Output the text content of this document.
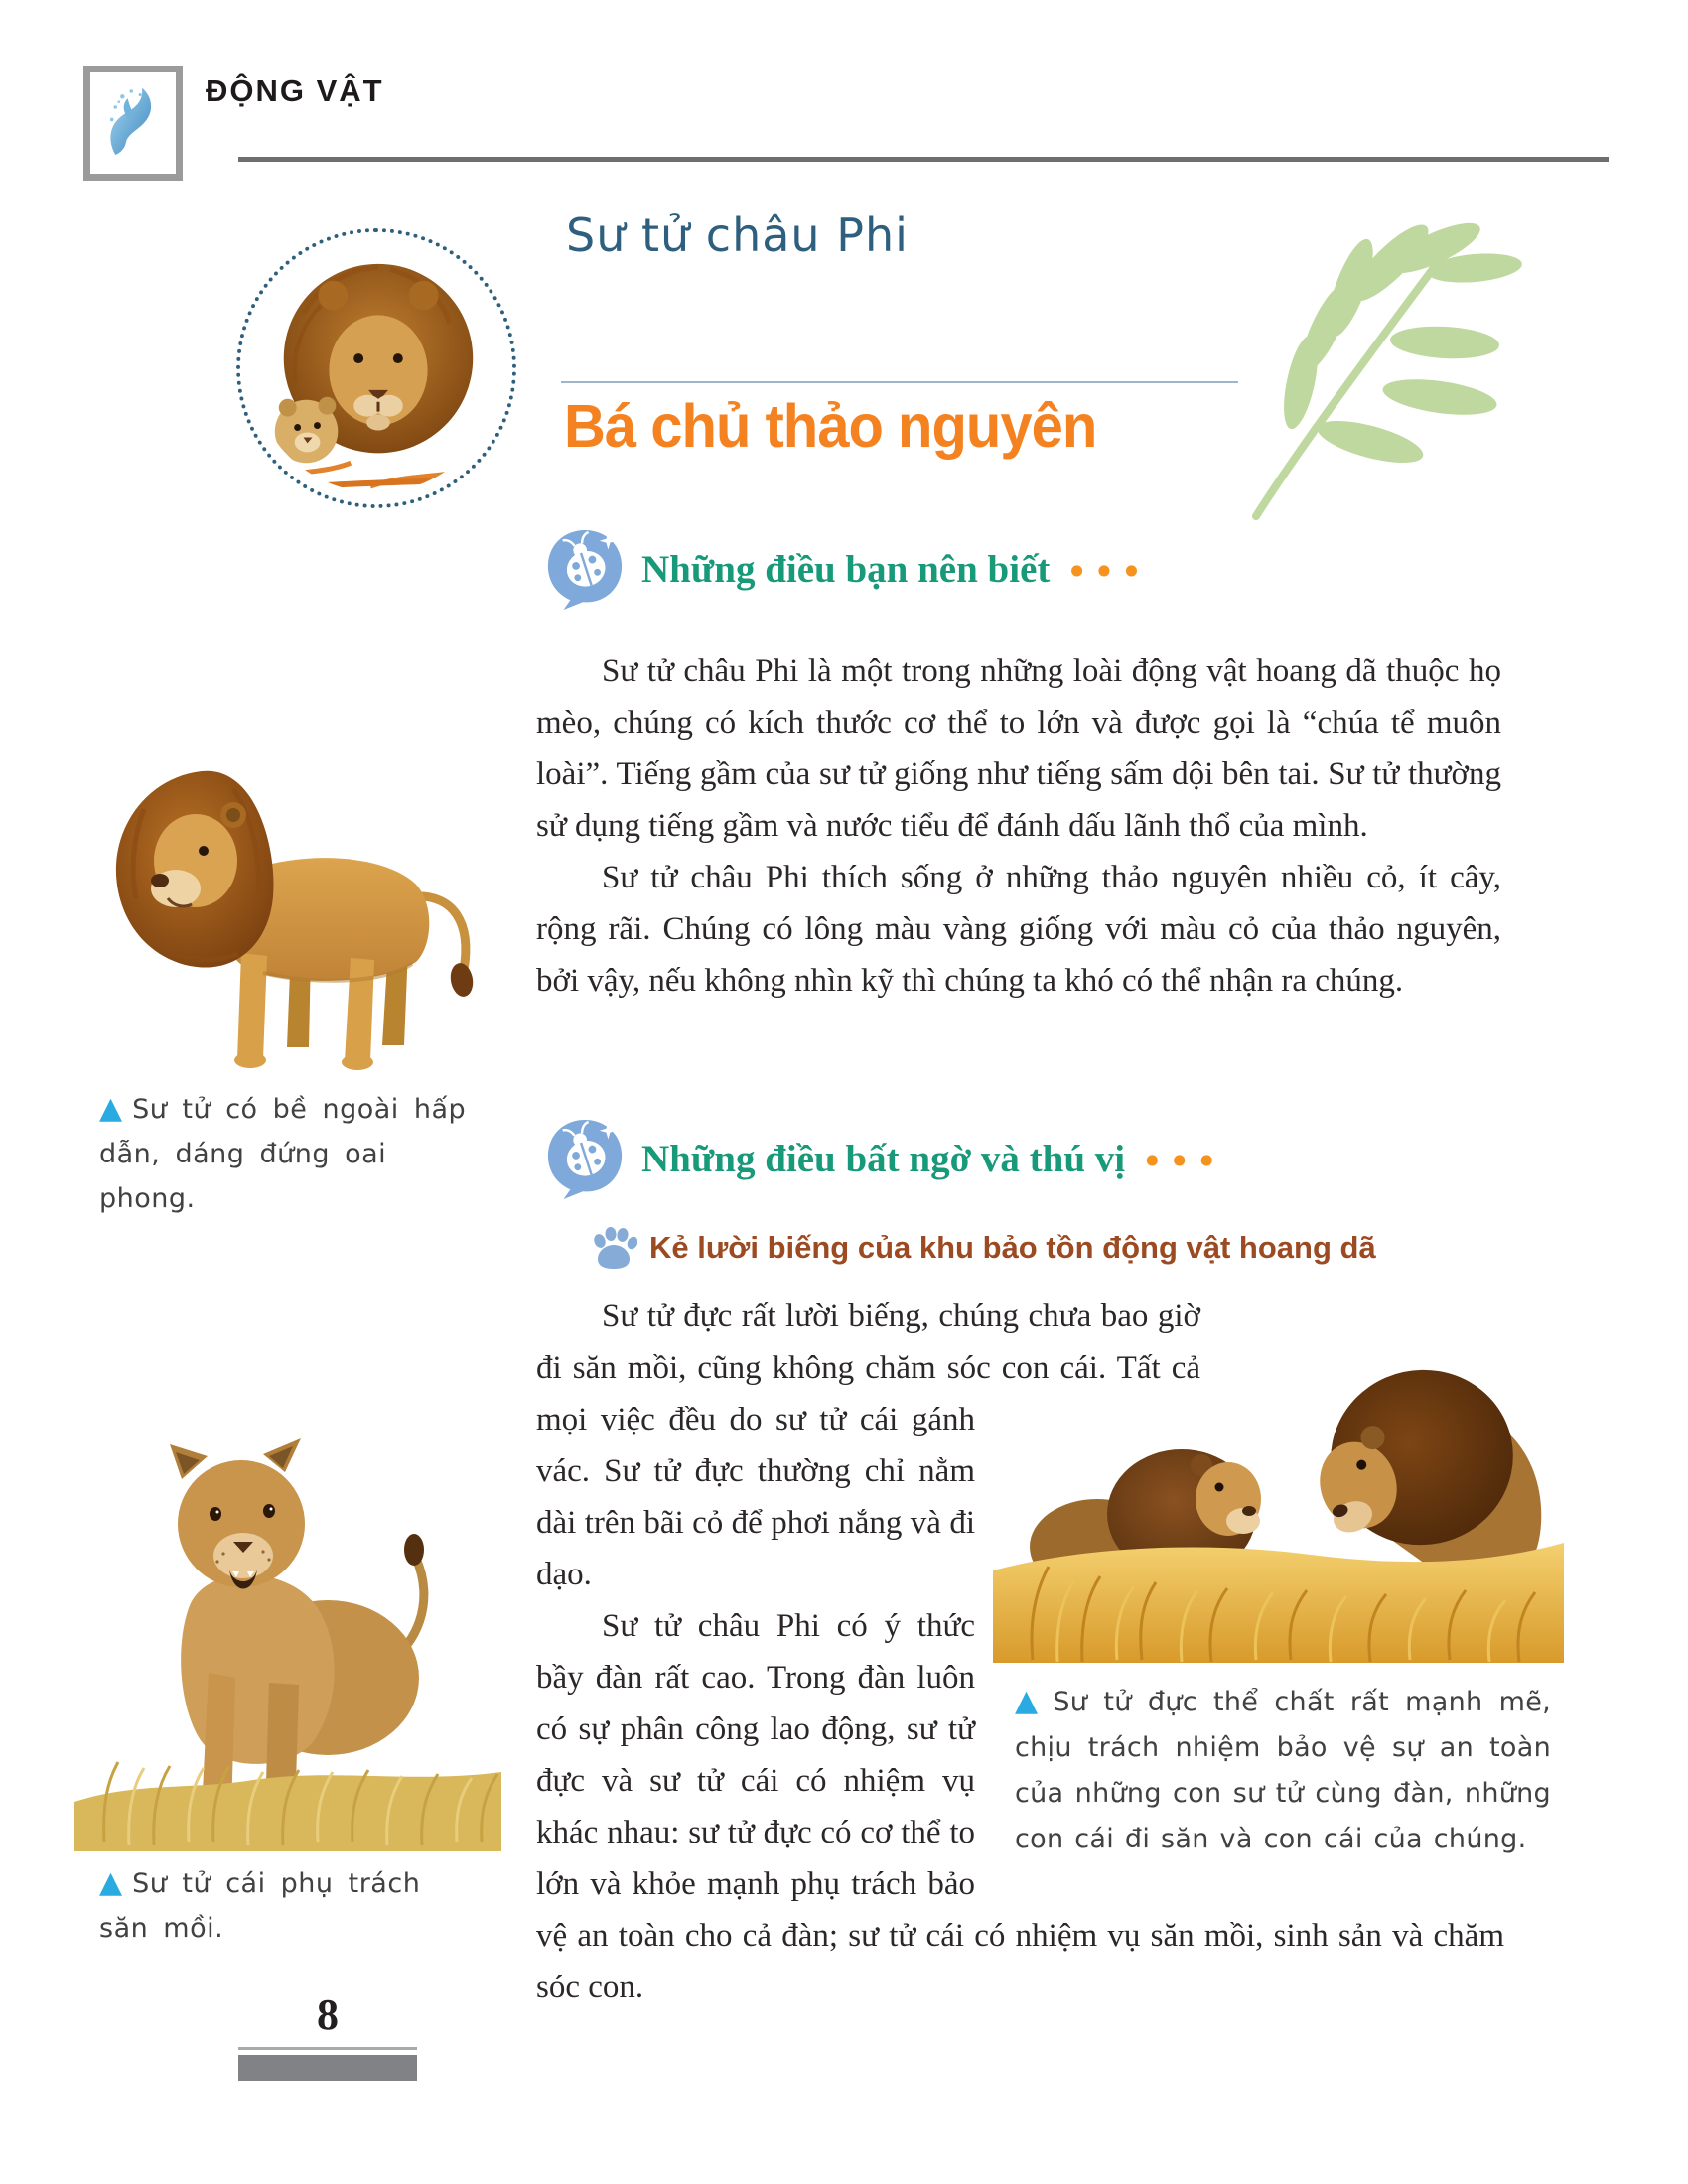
ĐỘNG VẬT
Sư tử châu Phi
Bá chủ thảo nguyên
Những điều bạn nên biết •••

Sư tử châu Phi là một trong những loài động vật hoang dã thuộc họ mèo, chúng có kích thước cơ thể to lớn và được gọi là “chúa tể muôn loài”. Tiếng gầm của sư tử giống như tiếng sấm dội bên tai. Sư tử thường sử dụng tiếng gầm và nước tiểu để đánh dấu lãnh thổ của mình.

Sư tử châu Phi thích sống ở những thảo nguyên nhiều cỏ, ít cây, rộng rãi. Chúng có lông màu vàng giống với màu cỏ của thảo nguyên, bởi vậy, nếu không nhìn kỹ thì chúng ta khó có thể nhận ra chúng.

▲ Sư tử có bề ngoài hấp dẫn, dáng đứng oai phong.
Những điều bất ngờ và thú vị •••
Kẻ lười biếng của khu bảo tồn động vật hoang dã
▲ Sư tử đực thể chất rất mạnh mẽ, chịu trách nhiệm bảo vệ sự an toàn của những con sư tử cùng đàn, những con cái đi săn và con cái của chúng.

Sư tử đực rất lười biếng, chúng chưa bao giờ đi săn mồi, cũng không chăm sóc con cái. Tất cả mọi việc đều do sư tử cái gánh vác. Sư tử đực thường chỉ nằm dài trên bãi cỏ để phơi nắng và đi dạo.

Sư tử châu Phi có ý thức bầy đàn rất cao. Trong đàn luôn có sự phân công lao động, sư tử đực và sư tử cái có nhiệm vụ khác nhau: sư tử đực có cơ thể to lớn và khỏe mạnh phụ trách bảo vệ an toàn cho cả đàn; sư tử cái có nhiệm vụ săn mồi, sinh sản và chăm sóc con.

▲ Sư tử cái phụ trách săn mồi.
8
